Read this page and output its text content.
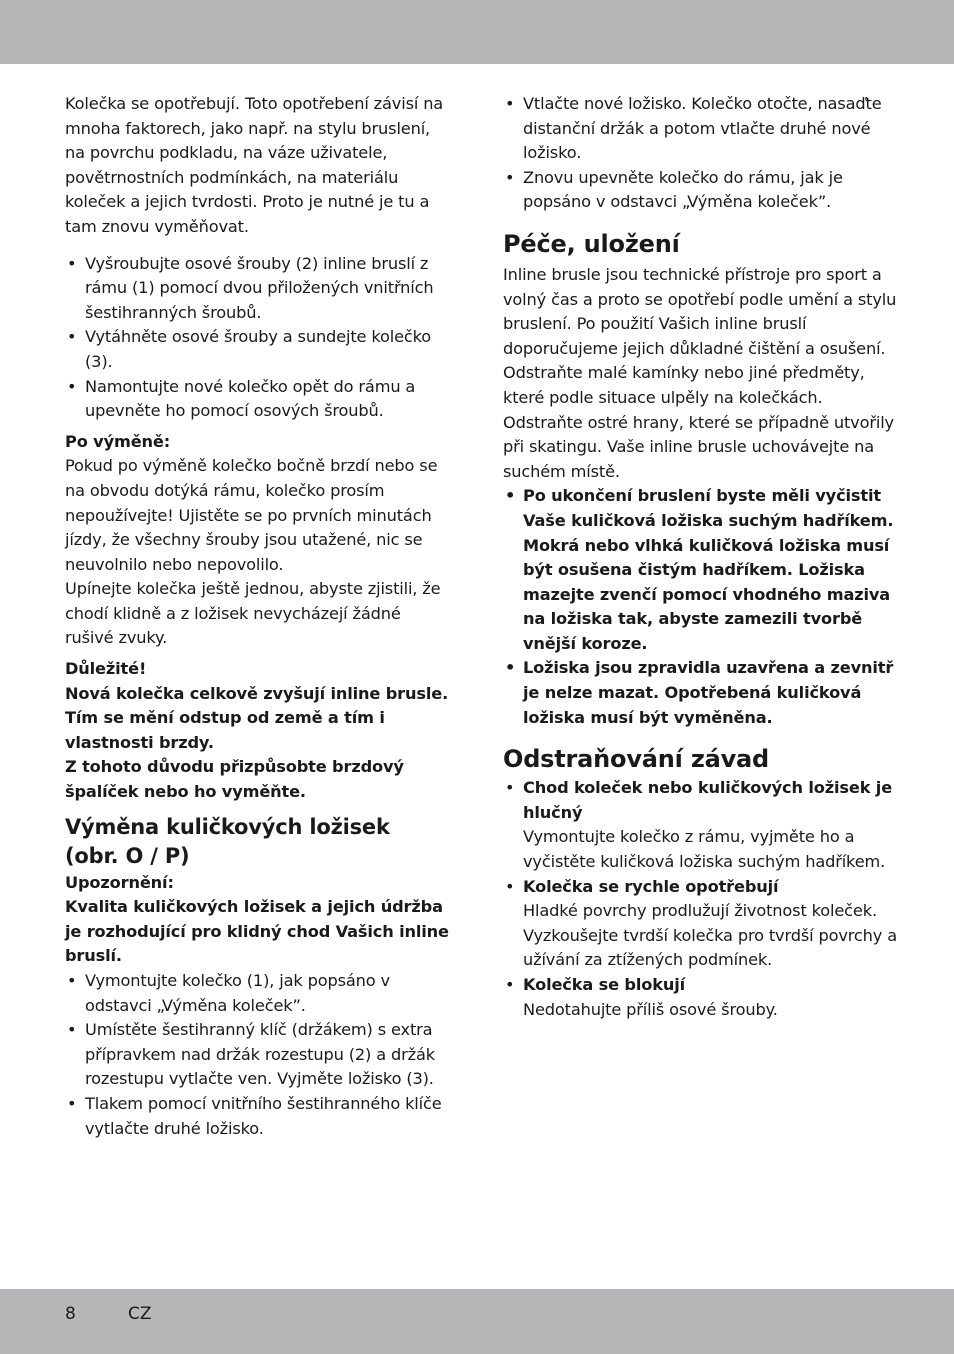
Kolečka se opotřebují. Toto opotřebení závisí na mnoha faktorech, jako např. na stylu bruslení, na povrchu podkladu, na váze uživatele, povětrnostních podmínkách, na materiálu koleček a jejich tvrdosti. Proto je nutné je tu a tam znovu vyměňovat.

• Vyšroubujte osové šrouby (2) inline bruslí z rámu (1) pomocí dvou přiložených vnitřních šestihranných šroubů.
• Vytáhněte osové šrouby a sundejte kolečko (3).
• Namontujte nové kolečko opět do rámu a upevněte ho pomocí osových šroubů.

Po výměně:

Pokud po výměně kolečko bočně brzdí nebo se na obvodu dotýká rámu, kolečko prosím nepoužívejte! Ujistěte se po prvních minutách jízdy, že všechny šrouby jsou utažené, nic se neuvolnilo nebo nepovolilo.

Upínejte kolečka ještě jednou, abyste zjistili, že chodí klidně a z ložisek nevycházejí žádné rušivé zvuky.

Důležité!

Nová kolečka celkově zvyšují inline brusle. Tím se mění odstup od země a tím i vlastnosti brzdy.

Z tohoto důvodu přizpůsobte brzdový špalíček nebo ho vyměňte.

Výměna kuličkových ložisek (obr. O / P)

Upozornění:

Kvalita kuličkových ložisek a jejich údržba je rozhodující pro klidný chod Vašich inline bruslí.

• Vymontujte kolečko (1), jak popsáno v odstavci „Výměna koleček”.
• Umístěte šestihranný klíč (držákem) s extra přípravkem nad držák rozestupu (2) a držák rozestupu vytlačte ven. Vyjměte ložisko (3).
• Tlakem pomocí vnitřního šestihranného klíče vytlačte druhé ložisko.
• Vtlačte nové ložisko. Kolečko otočte, nasaďte distanční držák a potom vtlačte druhé nové ložisko.
• Znovu upevněte kolečko do rámu, jak je popsáno v odstavci „Výměna koleček”.
Péče, uložení

Inline brusle jsou technické přístroje pro sport a volný čas a proto se opotřebí podle umění a stylu bruslení. Po použití Vašich inline bruslí doporučujeme jejich důkladné čištění a osušení. Odstraňte malé kamínky nebo jiné předměty, které podle situace ulpěly na kolečkách. Odstraňte ostré hrany, které se případně utvořily při skatingu. Vaše inline brusle uchovávejte na suchém místě.

• Po ukončení bruslení byste měli vyčistit Vaše kuličková ložiska suchým hadříkem. Mokrá nebo vlhká kuličková ložiska musí být osušena čistým hadříkem. Ložiska mazejte zvenčí pomocí vhodného maziva na ložiska tak, abyste zamezili tvorbě vnější koroze.
• Ložiska jsou zpravidla uzavřena a zevnitř je nelze mazat. Opotřebená kuličková ložiska musí být vyměněna.
Odstraňování závad
• Chod koleček nebo kuličkových ložisek je hlučný
Vymontujte kolečko z rámu, vyjměte ho a vyčistěte kuličková ložiska suchým hadříkem.
• Kolečka se rychle opotřebují
Hladké povrchy prodlužují životnost koleček. Vyzkoušejte tvrdší kolečka pro tvrdší povrchy a užívání za ztížených podmínek.
• Kolečka se blokují
Nedotahujte příliš osové šrouby.
8	CZ
